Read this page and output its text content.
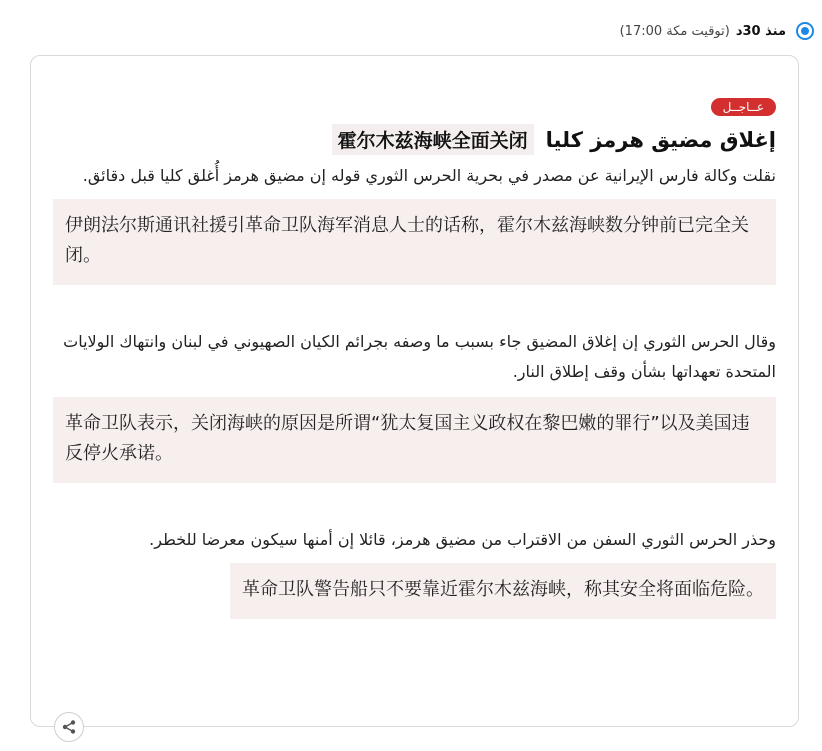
منذ 30د
(17:00 توقيت مكة)
عــاجــل
إغلاق مضيق هرمز كليا
霍尔木兹海峡全面关闭

نقلت وكالة فارس الإيرانية عن مصدر في بحرية الحرس الثوري قوله إن مضيق هرمز أُغلق كليا قبل دقائق.

伊朗法尔斯通讯社援引革命卫队海军消息人士的话称，霍尔木兹海峡数分钟前已完全关闭。

وقال الحرس الثوري إن إغلاق المضيق جاء بسبب ما وصفه بجرائم الكيان الصهيوني في لبنان وانتهاك الولايات المتحدة تعهداتها بشأن وقف إطلاق النار.

革命卫队表示，关闭海峡的原因是所谓“犹太复国主义政权在黎巴嫩的罪行”以及美国违反停火承诺。

وحذر الحرس الثوري السفن من الاقتراب من مضيق هرمز، قائلا إن أمنها سيكون معرضا للخطر.

革命卫队警告船只不要靠近霍尔木兹海峡，称其安全将面临危险。
